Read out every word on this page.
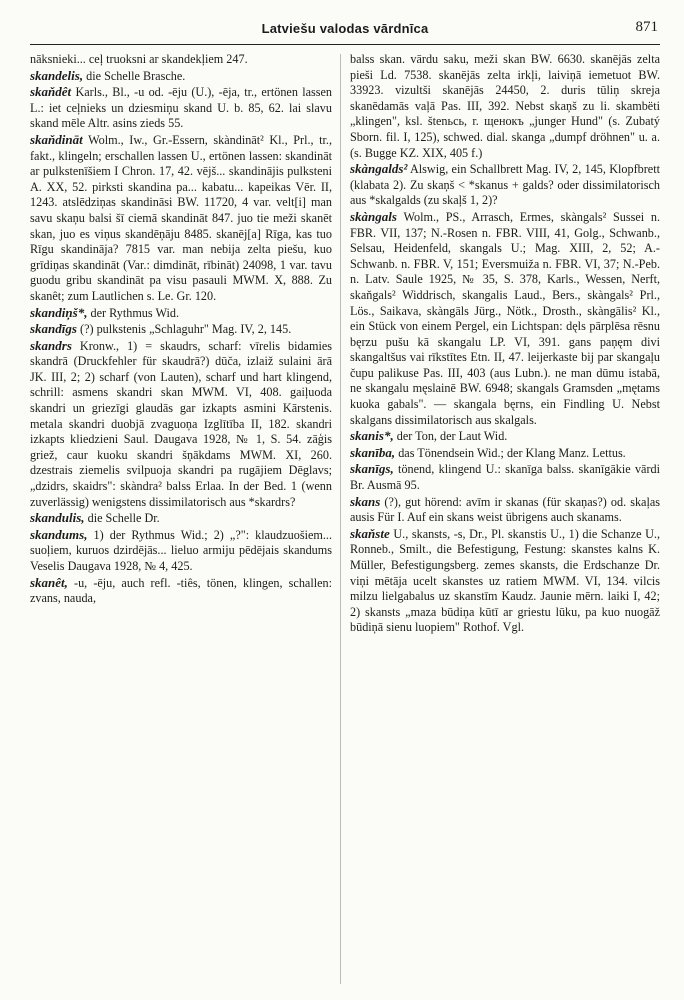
Latviešu valodas vārdnīca	871

nāksnieki... ceļ truoksni ar skandekļiem 247.

skandelis, die Schelle Brasche.

skaňdêt Karls., Bl., -u od. -ēju (U.), -ēja, tr., ertönen lassen L.: iet ceļnieks un dziesmiņu skand U. b. 85, 62. lai slavu skand mēle Altr. asins zieds 55.

skaňdināt Wolm., Iw., Gr.-Essern, skàndināt² Kl., Prl., tr., fakt., klingeln; erschallen lassen U., ertönen lassen: skandināt ar pulkstenīšiem I Chron. 17, 42. vējš... skandinājis pulksteni A. XX, 52. pirksti skandina pa... kabatu... kapeikas Vēr. II, 1243. atslēdziņas skandināsi BW. 11720, 4 var. velt[i] man savu skaņu balsi šī ciemā skandināt 847. juo tie meži skanēt skan, juo es viņus skandēņāju 8485. skanēj[a] Rīga, kas tuo Rīgu skandināja? 7815 var. man nebija zelta piešu, kuo grīdiņas skandināt (Var.: dimdināt, rībināt) 24098, 1 var. tavu guodu gribu skandināt pa visu pasauli MWM. X, 888. Zu skanêt; zum Lautlichen s. Le. Gr. 120.

skandiņš*, der Rythmus Wid.

skandīgs (?) pulkstenis „Schlaguhr" Mag. IV, 2, 145.

skandrs Kronw., 1) = skaudrs, scharf: vīrelis bidamies skandrā (Druckfehler für skaudrā?) dūča, izlaiž sulaini ārā JK. III, 2; 2) scharf (von Lauten), scharf und hart klingend, schrill: asmens skandri skan MWM. VI, 408. gaiļuoda skandri un griezīgi glaudās gar izkapts asmini Kārstenis. metala skandri duobjā zvaguoņa Izglītība II, 182. skandri izkapts kliedzieni Saul. Daugava 1928, № 1, S. 54. zāģis griež, caur kuoku skandri šņākdams MWM. XI, 260. dzestrais ziemelis svilpuoja skandri pa rugājiem Dēglavs; „dzidrs, skaidrs": skàndra² balss Erlaa. In der Bed. 1 (wenn zuverlässig) wenigstens dissimilatorisch aus *skardrs?

skandulis, die Schelle Dr.

skandums, 1) der Rythmus Wid.; 2) „?": klaudzuošiem... suoļiem, kuruos dzirdējās... lieluo armiju pēdējais skandums Veselis Daugava 1928, № 4, 425.

skanêt, -u, -ēju, auch refl. -tiês, tönen, klingen, schallen: zvans, nauda,

balss skan. vārdu saku, meži skan BW. 6630. skanējās zelta pieši Ld. 7538. skanējās zelta irkļi, laiviņā iemetuot BW. 33923. vizultši skanējās 24450, 2. duris tūliņ skreja skanēdamās vaļā Pas. III, 392. Nebst skaņš zu li. skambëti „klingen", ksl. štenьсь, r. щенокъ „junger Hund" (s. Zubatý Sborn. fil. I, 125), schwed. dial. skanga „dumpf dröhnen" u. a. (s. Bugge KZ. XIX, 405 f.)

skàngalds² Alswig, ein Schallbrett Mag. IV, 2, 145, Klopfbrett (klabata 2). Zu skaņš < *skanus + galds? oder dissimilatorisch aus *skalgalds (zu skaļš 1, 2)?

skàngals Wolm., PS., Arrasch, Ermes, skàngals² Sussei n. FBR. VII, 137; N.-Rosen n. FBR. VIII, 41, Golg., Schwanb., Selsau, Heidenfeld, skangals U.; Mag. XIII, 2, 52; A.-Schwanb. n. FBR. V, 151; Eversmuiža n. FBR. VI, 37; N.-Peb. n. Latv. Saule 1925, № 35, S. 378, Karls., Wessen, Nerft, skaňgals² Widdrisch, skangalis Laud., Bers., skàngals² Prl., Lös., Saikava, skàngāls Jürg., Nötk., Drosth., skàngālis² Kl., ein Stück von einem Pergel, ein Lichtspan: dęls pārplēsa rēsnu bęrzu pušu kā skangalu LP. VI, 391. gans paņęm divi skangaltšus vai rīkstītes Etn. II, 47. leijerkaste bij par skangaļu čupu palikuse Pas. III, 403 (aus Lubn.). ne man dūmu istabā, ne skangalu męslainē BW. 6948; skangals Gramsden „mętams kuoka gabals". — skangala bęrns, ein Findling U. Nebst skalgans dissimilatorisch aus skalgals.

skanis*, der Ton, der Laut Wid.

skanība, das Tönendsein Wid.; der Klang Manz. Lettus.

skanīgs, tönend, klingend U.: skanīga balss. skanīgākie vārdi Br. Ausmā 95.

skans (?), gut hörend: avīm ir skanas (für skaņas?) od. skaļas ausis Für I. Auf ein skans weist übrigens auch skanams.

skaňste U., skansts, -s, Dr., Pl. skanstis U., 1) die Schanze U., Ronneb., Smilt., die Befestigung, Festung: skanstes kalns K. Müller, Befestigungsberg. zemes skansts, die Erdschanze Dr. viņi mētāja ucelt skanstes uz ratiem MWM. VI, 134. vilcis milzu lielgabalus uz skanstīm Kaudz. Jaunie mērn. laiki I, 42; 2) skansts „maza būdiņa kūtī ar griestu lūku, pa kuo nuogāž būdiņā sienu luopiem" Rothof. Vgl.
